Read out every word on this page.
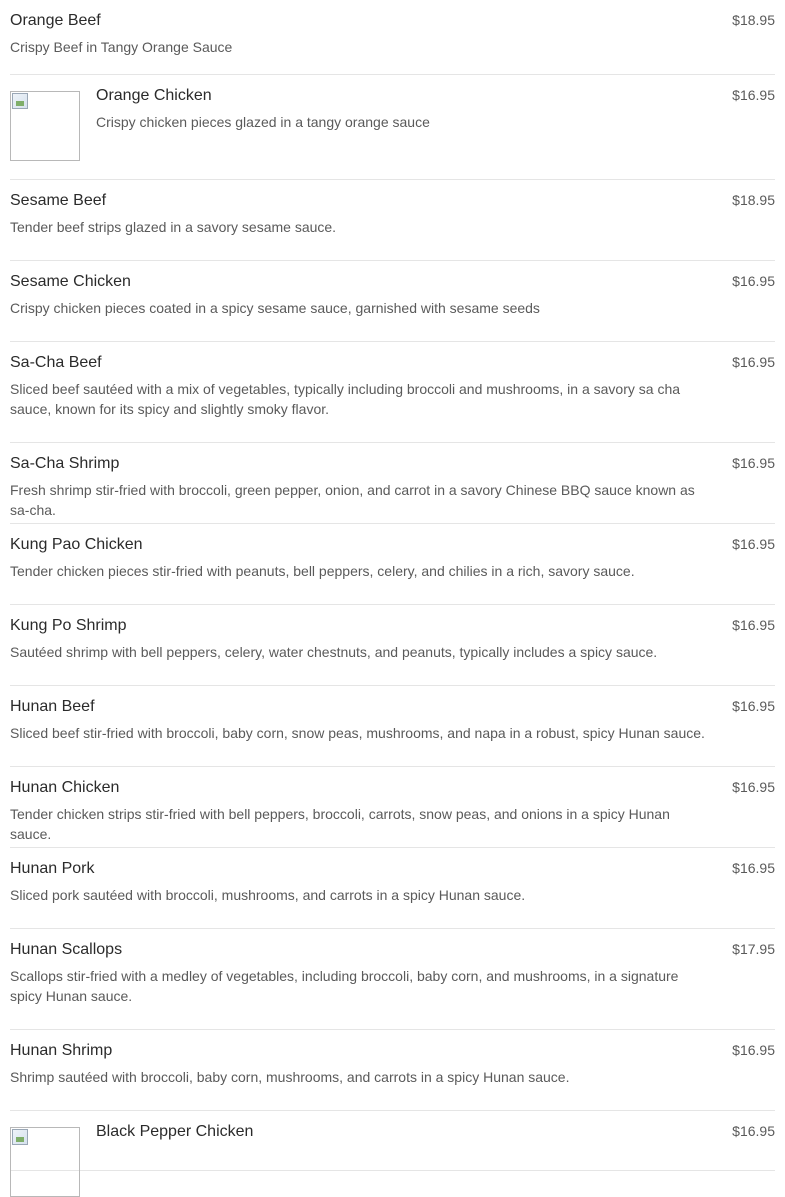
Orange Beef
Crispy Beef in Tangy Orange Sauce
$18.95
Orange Chicken
Crispy chicken pieces glazed in a tangy orange sauce
$16.95
Sesame Beef
Tender beef strips glazed in a savory sesame sauce.
$18.95
Sesame Chicken
Crispy chicken pieces coated in a spicy sesame sauce, garnished with sesame seeds
$16.95
Sa-Cha Beef
Sliced beef sautéed with a mix of vegetables, typically including broccoli and mushrooms, in a savory sa cha sauce, known for its spicy and slightly smoky flavor.
$16.95
Sa-Cha Shrimp
Fresh shrimp stir-fried with broccoli, green pepper, onion, and carrot in a savory Chinese BBQ sauce known as sa-cha.
$16.95
Kung Pao Chicken
Tender chicken pieces stir-fried with peanuts, bell peppers, celery, and chilies in a rich, savory sauce.
$16.95
Kung Po Shrimp
Sautéed shrimp with bell peppers, celery, water chestnuts, and peanuts, typically includes a spicy sauce.
$16.95
Hunan Beef
Sliced beef stir-fried with broccoli, baby corn, snow peas, mushrooms, and napa in a robust, spicy Hunan sauce.
$16.95
Hunan Chicken
Tender chicken strips stir-fried with bell peppers, broccoli, carrots, snow peas, and onions in a spicy Hunan sauce.
$16.95
Hunan Pork
Sliced pork sautéed with broccoli, mushrooms, and carrots in a spicy Hunan sauce.
$16.95
Hunan Scallops
Scallops stir-fried with a medley of vegetables, including broccoli, baby corn, and mushrooms, in a signature spicy Hunan sauce.
$17.95
Hunan Shrimp
Shrimp sautéed with broccoli, baby corn, mushrooms, and carrots in a spicy Hunan sauce.
$16.95
Black Pepper Chicken	$16.95
